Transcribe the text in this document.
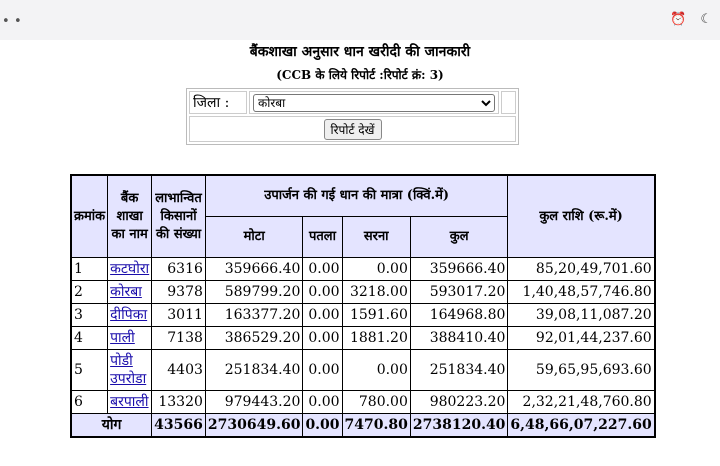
• •	⏰ ☾
बैंकशाखा अनुसार धान खरीदी की जानकारी
(CCB के लिये रिपोर्ट :रिपोर्ट क्रं: 3)
जिला :	
कोरबा	
रिपोर्ट देखें
क्रमांक	बैंक शाखा का नाम	लाभान्वित किसानों की संख्या	उपार्जन की गई धान की मात्रा (क्विं.में)				कुल राशि (रू.में)
			मोटा	पतला	सरना	कुल	
1	कटघोरा	6316	359666.40	0.00	0.00	359666.40	85,20,49,701.60
2	कोरबा	9378	589799.20	0.00	3218.00	593017.20	1,40,48,57,746.80
3	दीपिका	3011	163377.20	0.00	1591.60	164968.80	39,08,11,087.20
4	पाली	7138	386529.20	0.00	1881.20	388410.40	92,01,44,237.60
5	पोडी उपरोडा	4403	251834.40	0.00	0.00	251834.40	59,65,95,693.60
6	बरपाली	13320	979443.20	0.00	780.00	980223.20	2,32,21,48,760.80
योग		43566	2730649.60	0.00	7470.80	2738120.40	6,48,66,07,227.60
